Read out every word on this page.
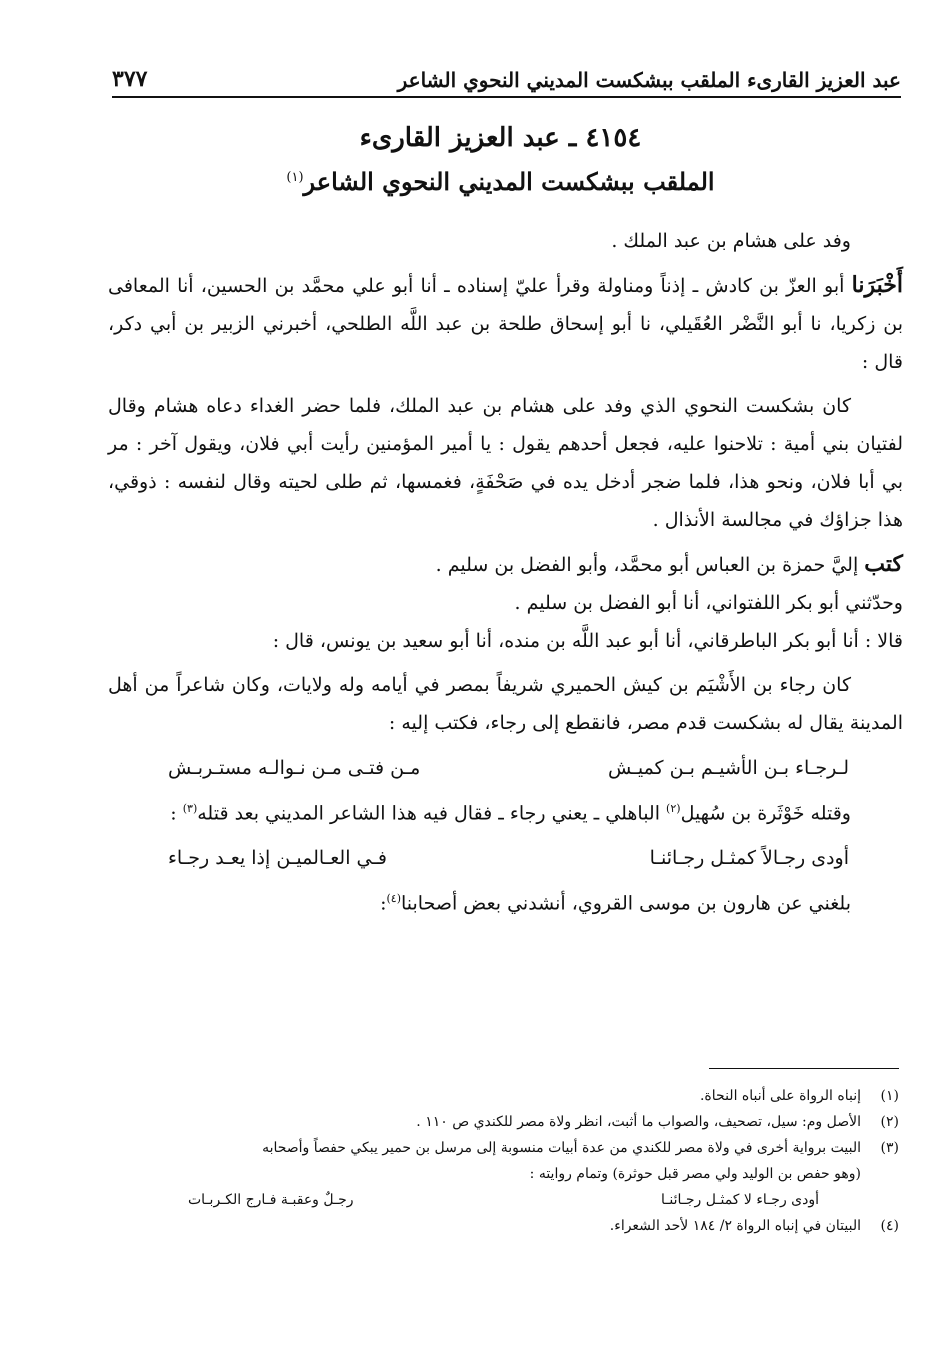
عبد العزيز القارىء الملقب ببشكست المديني النحوي الشاعر
٣٧٧
٤١٥٤ ـ عبد العزيز القارىء
الملقب ببشكست المديني النحوي الشاعر$^{(١)}$

وفد على هشام بن عبد الملك .

أَخْبَرَنا أبو العزّ بن كادش ـ إذناً ومناولة وقرأ عليّ إسناده ـ أنا أبو علي محمَّد بن الحسين، أنا المعافى بن زكريا، نا أبو النَّضْر العُقَيلي، نا أبو إسحاق طلحة بن عبد اللَّه الطلحي، أخبرني الزبير بن أبي دكر، قال :

كان بشكست النحوي الذي وفد على هشام بن عبد الملك، فلما حضر الغداء دعاه هشام وقال لفتيان بني أمية : تلاحنوا عليه، فجعل أحدهم يقول : يا أمير المؤمنين رأيت أبي فلان، ويقول آخر : مر بي أبا فلان، ونحو هذا، فلما ضجر أدخل يده في صَحْفَةٍ، فغمسها، ثم طلى لحيته وقال لنفسه : ذوقي، هذا جزاؤك في مجالسة الأنذال .

كتب إليَّ حمزة بن العباس أبو محمَّد، وأبو الفضل بن سليم .

وحدّثني أبو بكر اللفتواني، أنا أبو الفضل بن سليم .

قالا : أنا أبو بكر الباطرقاني، أنا أبو عبد اللَّه بن منده، أنا أبو سعيد بن يونس، قال :

كان رجاء بن الأَشْيَم بن كيش الحميري شريفاً بمصر في أيامه وله ولايات، وكان شاعراً من أهل المدينة يقال له بشكست قدم مصر، فانقطع إلى رجاء، فكتب إليه :

لـرجـاء بـن الأشيـم بـن كميـش
مـن فتـى مـن نـوالـه مستـربـش

وقتله خَوْثَرة بن سُهيل$^{(٢)}$ الباهلي ـ يعني رجاء ـ فقال فيه هذا الشاعر المديني بعد قتله$^{(٣)}$ :

أودى رجـالاً كمثـل رجـائنـا
فـي العـالميـن إذا يعـد رجـاء

بلغني عن هارون بن موسى القروي، أنشدني بعض أصحابنا$^{(٤)}$:

(١)
إنباه الرواة على أنباه النحاة.

(٢)
الأصل وم: سيل، تصحيف، والصواب ما أثبت، انظر ولاة مصر للكندي ص ١١٠ .

(٣)
البيت برواية أخرى في ولاة مصر للكندي من عدة أبيات منسوبة إلى مرسل بن حمير يبكي حفصاً وأصحابه

(وهو حفص بن الوليد ولي مصر قبل حوثرة) وتمام روايته :
أودى رجـاء لا كمثـل رجـائنـا
رجـلٌ وعقبـة فـارج الكـربـات

(٤)
البيتان في إنباه الرواة ٢/ ١٨٤ لأحد الشعراء.
